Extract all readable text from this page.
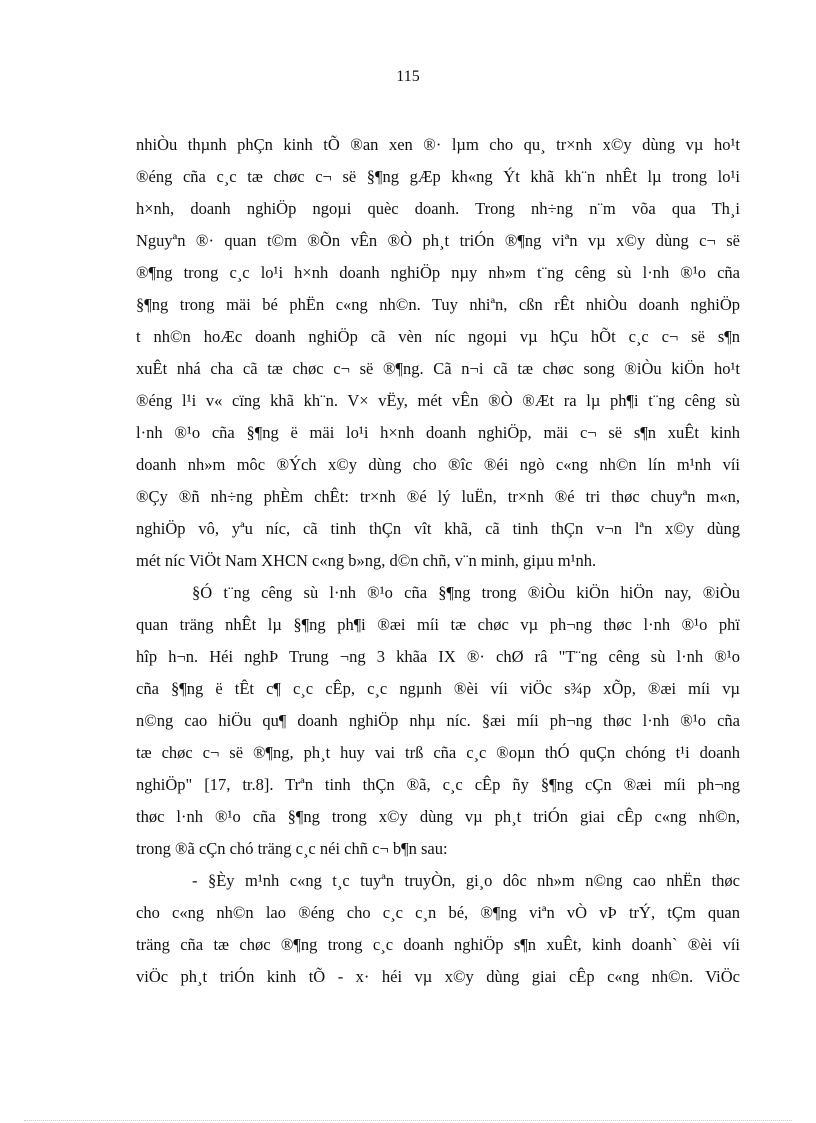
115
nhiÒu thµnh phÇn kinh tÕ ®an xen ®· lµm cho qu¸ tr×nh x©y dùng vµ ho¹t
®éng cña c¸c tæ chøc c¬ së §¶ng gÆp kh«ng Ýt khã kh¨n nhÊt lµ trong lo¹i
h×nh, doanh nghiÖp ngoµi quèc doanh. Trong nh÷ng n¨m võa qua Th¸i
Nguyªn ®· quan t©m ®Õn vÊn ®Ò ph¸t triÓn ®¶ng viªn vµ x©y dùng c¬ së
®¶ng trong c¸c lo¹i h×nh doanh nghiÖp nµy nh»m t¨ng cêng sù l·nh ®¹o cña
§¶ng trong mäi bé phËn c«ng nh©n. Tuy nhiªn, cßn rÊt nhiÒu doanh nghiÖp
t nh©n hoÆc doanh nghiÖp cã vèn níc ngoµi vµ hÇu hÕt c¸c c¬ së s¶n
xuÊt nhá cha cã tæ chøc c¬ së ®¶ng. Cã n¬i cã tæ chøc song ®iÒu kiÖn ho¹t
®éng l¹i v« cïng khã kh¨n. V× vËy, mét vÊn ®Ò ®Æt ra lµ ph¶i t¨ng cêng sù
l·nh ®¹o cña §¶ng ë mäi lo¹i h×nh doanh nghiÖp, mäi c¬ së s¶n xuÊt kinh
doanh nh»m môc ®Ých x©y dùng cho ®îc ®éi ngò c«ng nh©n lín m¹nh víi
®Çy ®ñ nh÷ng phÈm chÊt: tr×nh ®é lý luËn, tr×nh ®é tri thøc chuyªn m«n,
nghiÖp vô, yªu níc, cã tinh thÇn vît khã, cã tinh thÇn v¬n lªn x©y dùng
mét níc ViÖt Nam XHCN c«ng b»ng, d©n chñ, v¨n minh, giµu m¹nh.
§Ó t¨ng cêng sù l·nh ®¹o cña §¶ng trong ®iÒu kiÖn hiÖn nay, ®iÒu
quan träng nhÊt lµ §¶ng ph¶i ®æi míi tæ chøc vµ ph¬ng thøc l·nh ®¹o phï
hîp h¬n. Héi nghÞ Trung ¬ng 3 khãa IX ®· chØ râ "T¨ng cêng sù l·nh ®¹o
cña §¶ng ë tÊt c¶ c¸c cÊp, c¸c ngµnh ®èi víi viÖc s¾p xÕp, ®æi míi vµ
n©ng cao hiÖu qu¶ doanh nghiÖp nhµ níc. §æi míi ph¬ng thøc l·nh ®¹o cña
tæ chøc c¬ së ®¶ng, ph¸t huy vai trß cña c¸c ®oµn thÓ quÇn chóng t¹i doanh
nghiÖp" [17, tr.8]. Trªn tinh thÇn ®ã, c¸c cÊp ñy §¶ng cÇn ®æi míi ph¬ng
thøc l·nh ®¹o cña §¶ng trong x©y dùng vµ ph¸t triÓn giai cÊp c«ng nh©n,
trong ®ã cÇn chó träng c¸c néi chñ c¬ b¶n sau:
- §Èy m¹nh c«ng t¸c tuyªn truyÒn, gi¸o dôc nh»m n©ng cao nhËn thøc
cho c«ng nh©n lao ®éng cho c¸c c¸n bé, ®¶ng viªn vÒ vÞ trÝ, tÇm quan
träng cña tæ chøc ®¶ng trong c¸c doanh nghiÖp s¶n xuÊt, kinh doanh` ®èi víi
viÖc ph¸t triÓn kinh tÕ - x· héi vµ x©y dùng giai cÊp c«ng nh©n. ViÖc
